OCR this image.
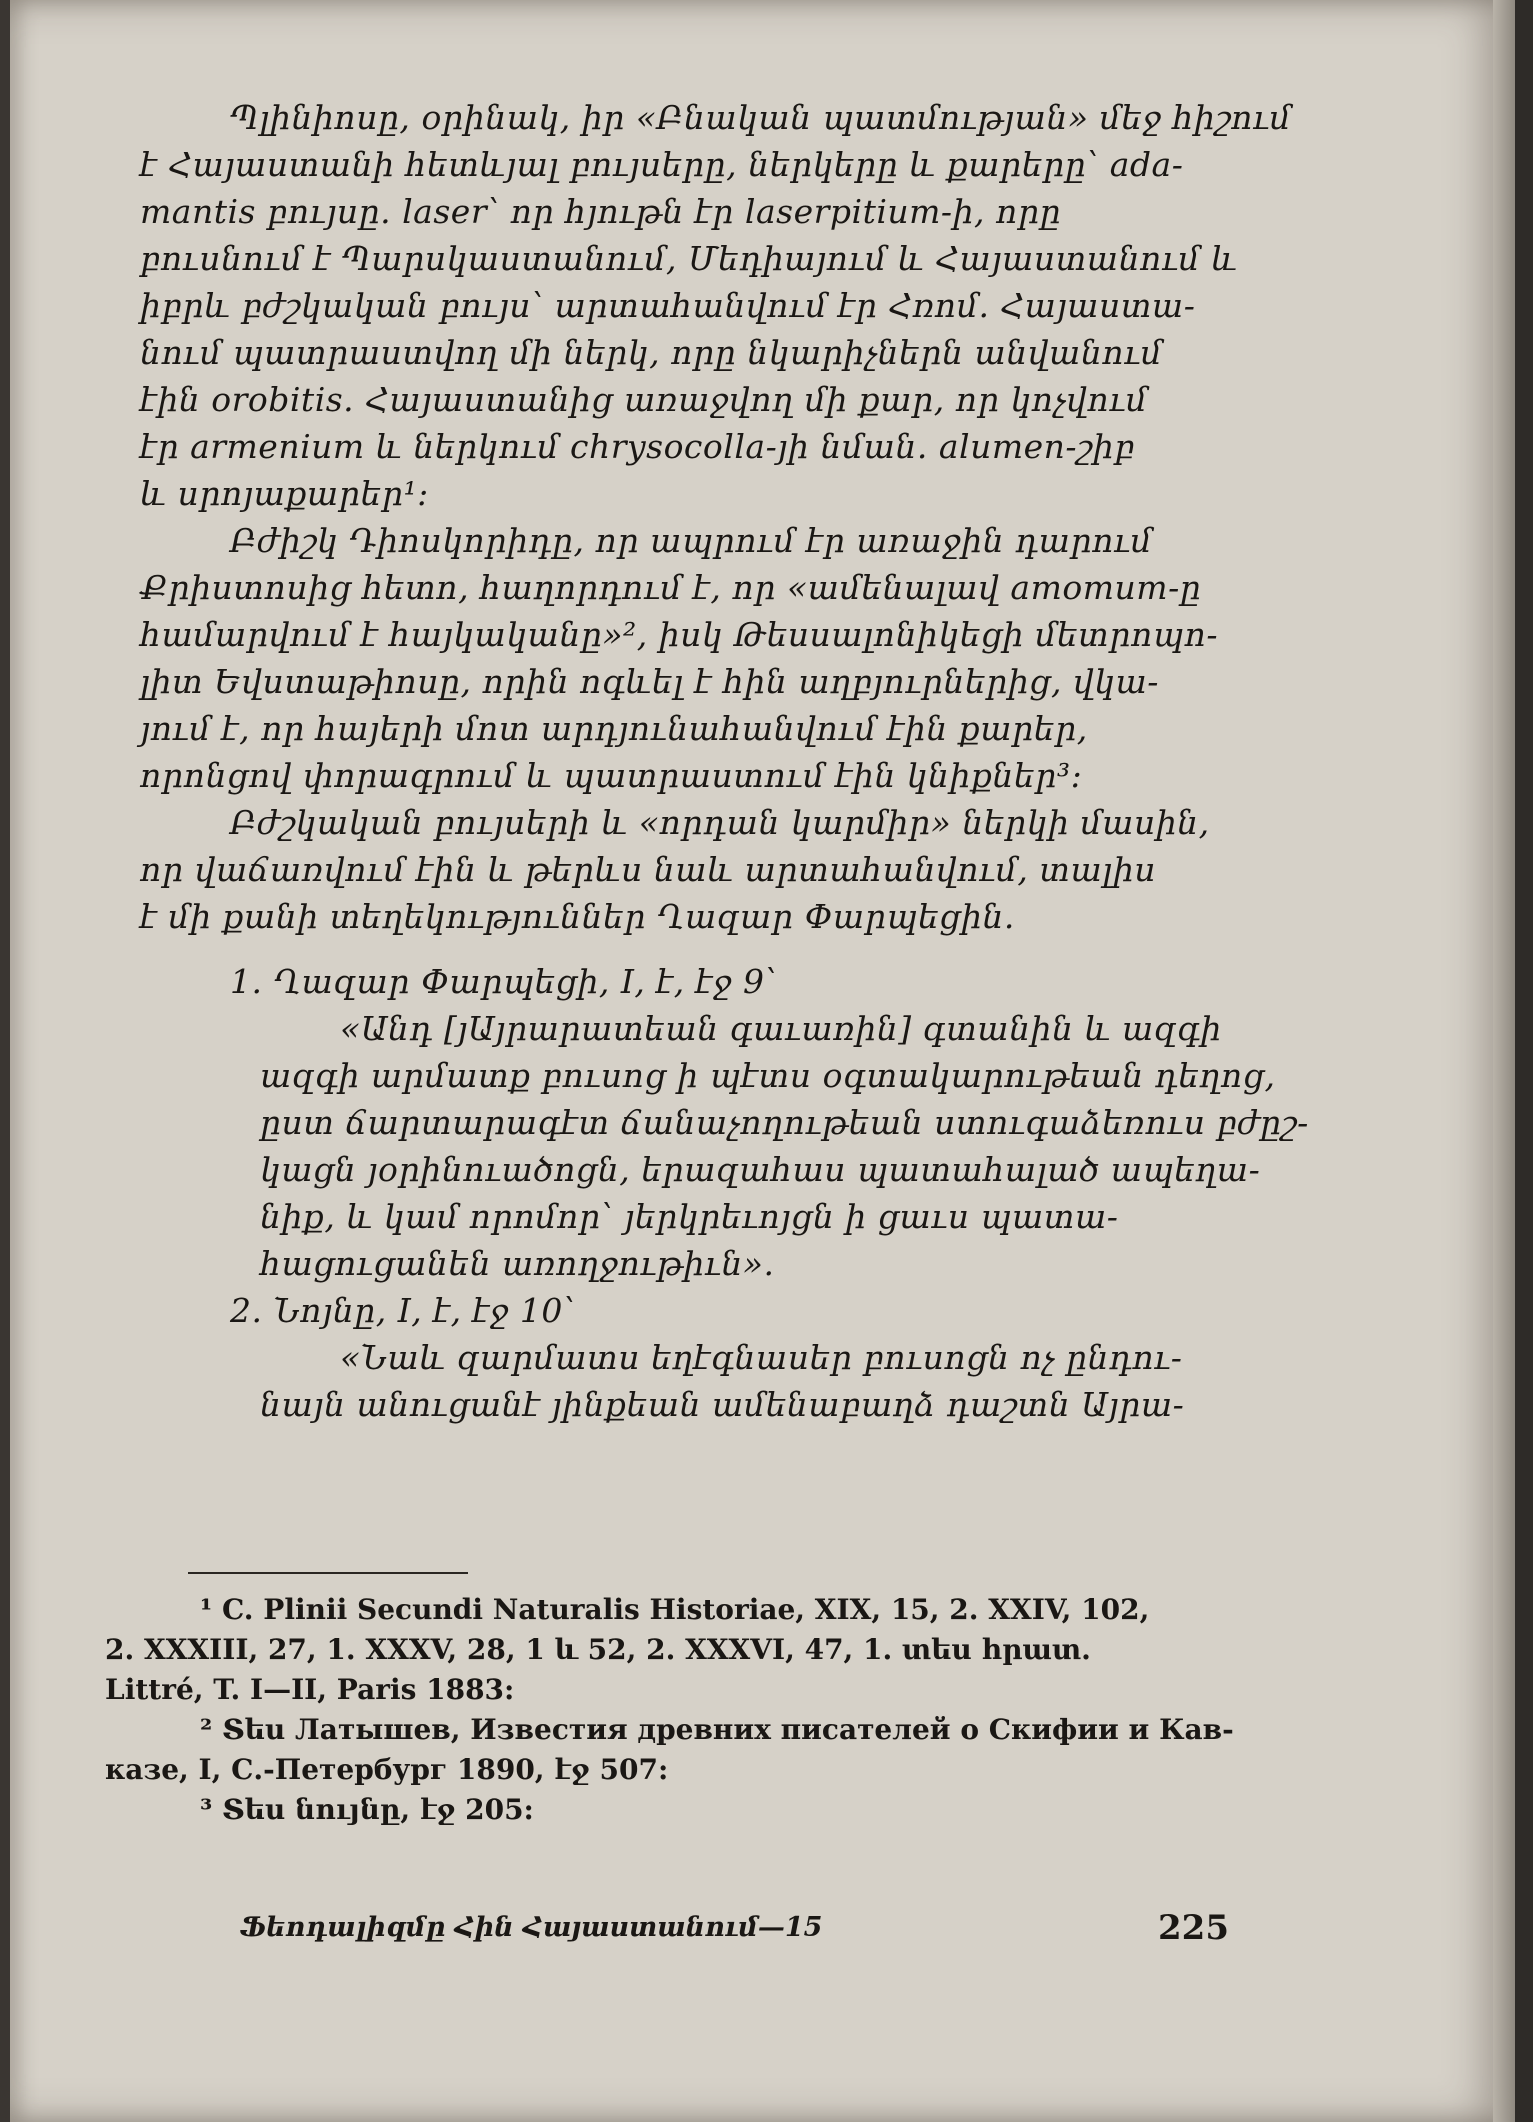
Պլինիոսը, օրինակ, իր «Բնական պատմության» մեջ հիշում
է Հայաստանի հետևյալ բույսերը, ներկերը և քարերը՝ ada-
mantis բույսը. laser՝ որ հյութն էր laserpitium-ի, որը
բուսնում է Պարսկաստանում, Մեդիայում և Հայաստանում և
իբրև բժշկական բույս՝ արտահանվում էր Հռոմ. Հայաստա-
նում պատրաստվող մի ներկ, որը նկարիչներն անվանում
էին orobitis. Հայաստանից առաջվող մի քար, որ կոչվում
էր armenium և ներկում chrysocolla-յի նման. alumen-շիբ
և սրոյաքարեր¹:
Բժիշկ Դիոսկորիդը, որ ապրում էր առաջին դարում
Քրիստոսից հետո, հաղորդում է, որ «ամենալավ amomum-ը
համարվում է հայկականը»², իսկ Թեսսալոնիկեցի մետրոպո-
լիտ Եվստաթիոսը, որին ոգևել է հին աղբյուրներից, վկա-
յում է, որ հայերի մոտ արդյունահանվում էին քարեր,
որոնցով փորագրում և պատրաստում էին կնիքներ³:
Բժշկական բույսերի և «որդան կարմիր» ներկի մասին,
որ վաճառվում էին և թերևս նաև արտահանվում, տալիս
է մի քանի տեղեկություններ Ղազար Փարպեցին.
1. Ղազար Փարպեցի, I, է, էջ 9՝
«Անդ [յԱյրարատեան գաւառին] գտանին և ազգի
ազգի արմատք բուսոց ի պէտս օգտակարութեան դեղոց,
ըստ ճարտարագէտ ճանաչողութեան ստուգաձեռուս բժըշ-
կացն յօրինուածոցն, երազահաս պատահալած ապեղա-
նիք, և կամ որոմոր՝ յերկրեւոյցն ի ցաւս պատա-
հացուցանեն առողջութիւն».
2. Նոյնը, I, է, էջ 10՝
«Նաև զարմատս եղէգնասեր բուսոցն ոչ ընդու-
նայն անուցանէ յինքեան ամենաբաղձ դաշտն Այրա-
¹ C. Plinii Secundi Naturalis Historiae, XIX, 15, 2. XXIV, 102,
2. XXXIII, 27, 1. XXXV, 28, 1 և 52, 2. XXXVI, 47, 1. տես հրատ.
Littré, T. I—II, Paris 1883:
² Տես Латышев, Известия древних писателей о Скифии и Кав-
казе, I, С.-Петербург 1890, էջ 507:
³ Տես նույնը, էջ 205:
Ֆեոդալիզմը Հին Հայաստանում—15	225
